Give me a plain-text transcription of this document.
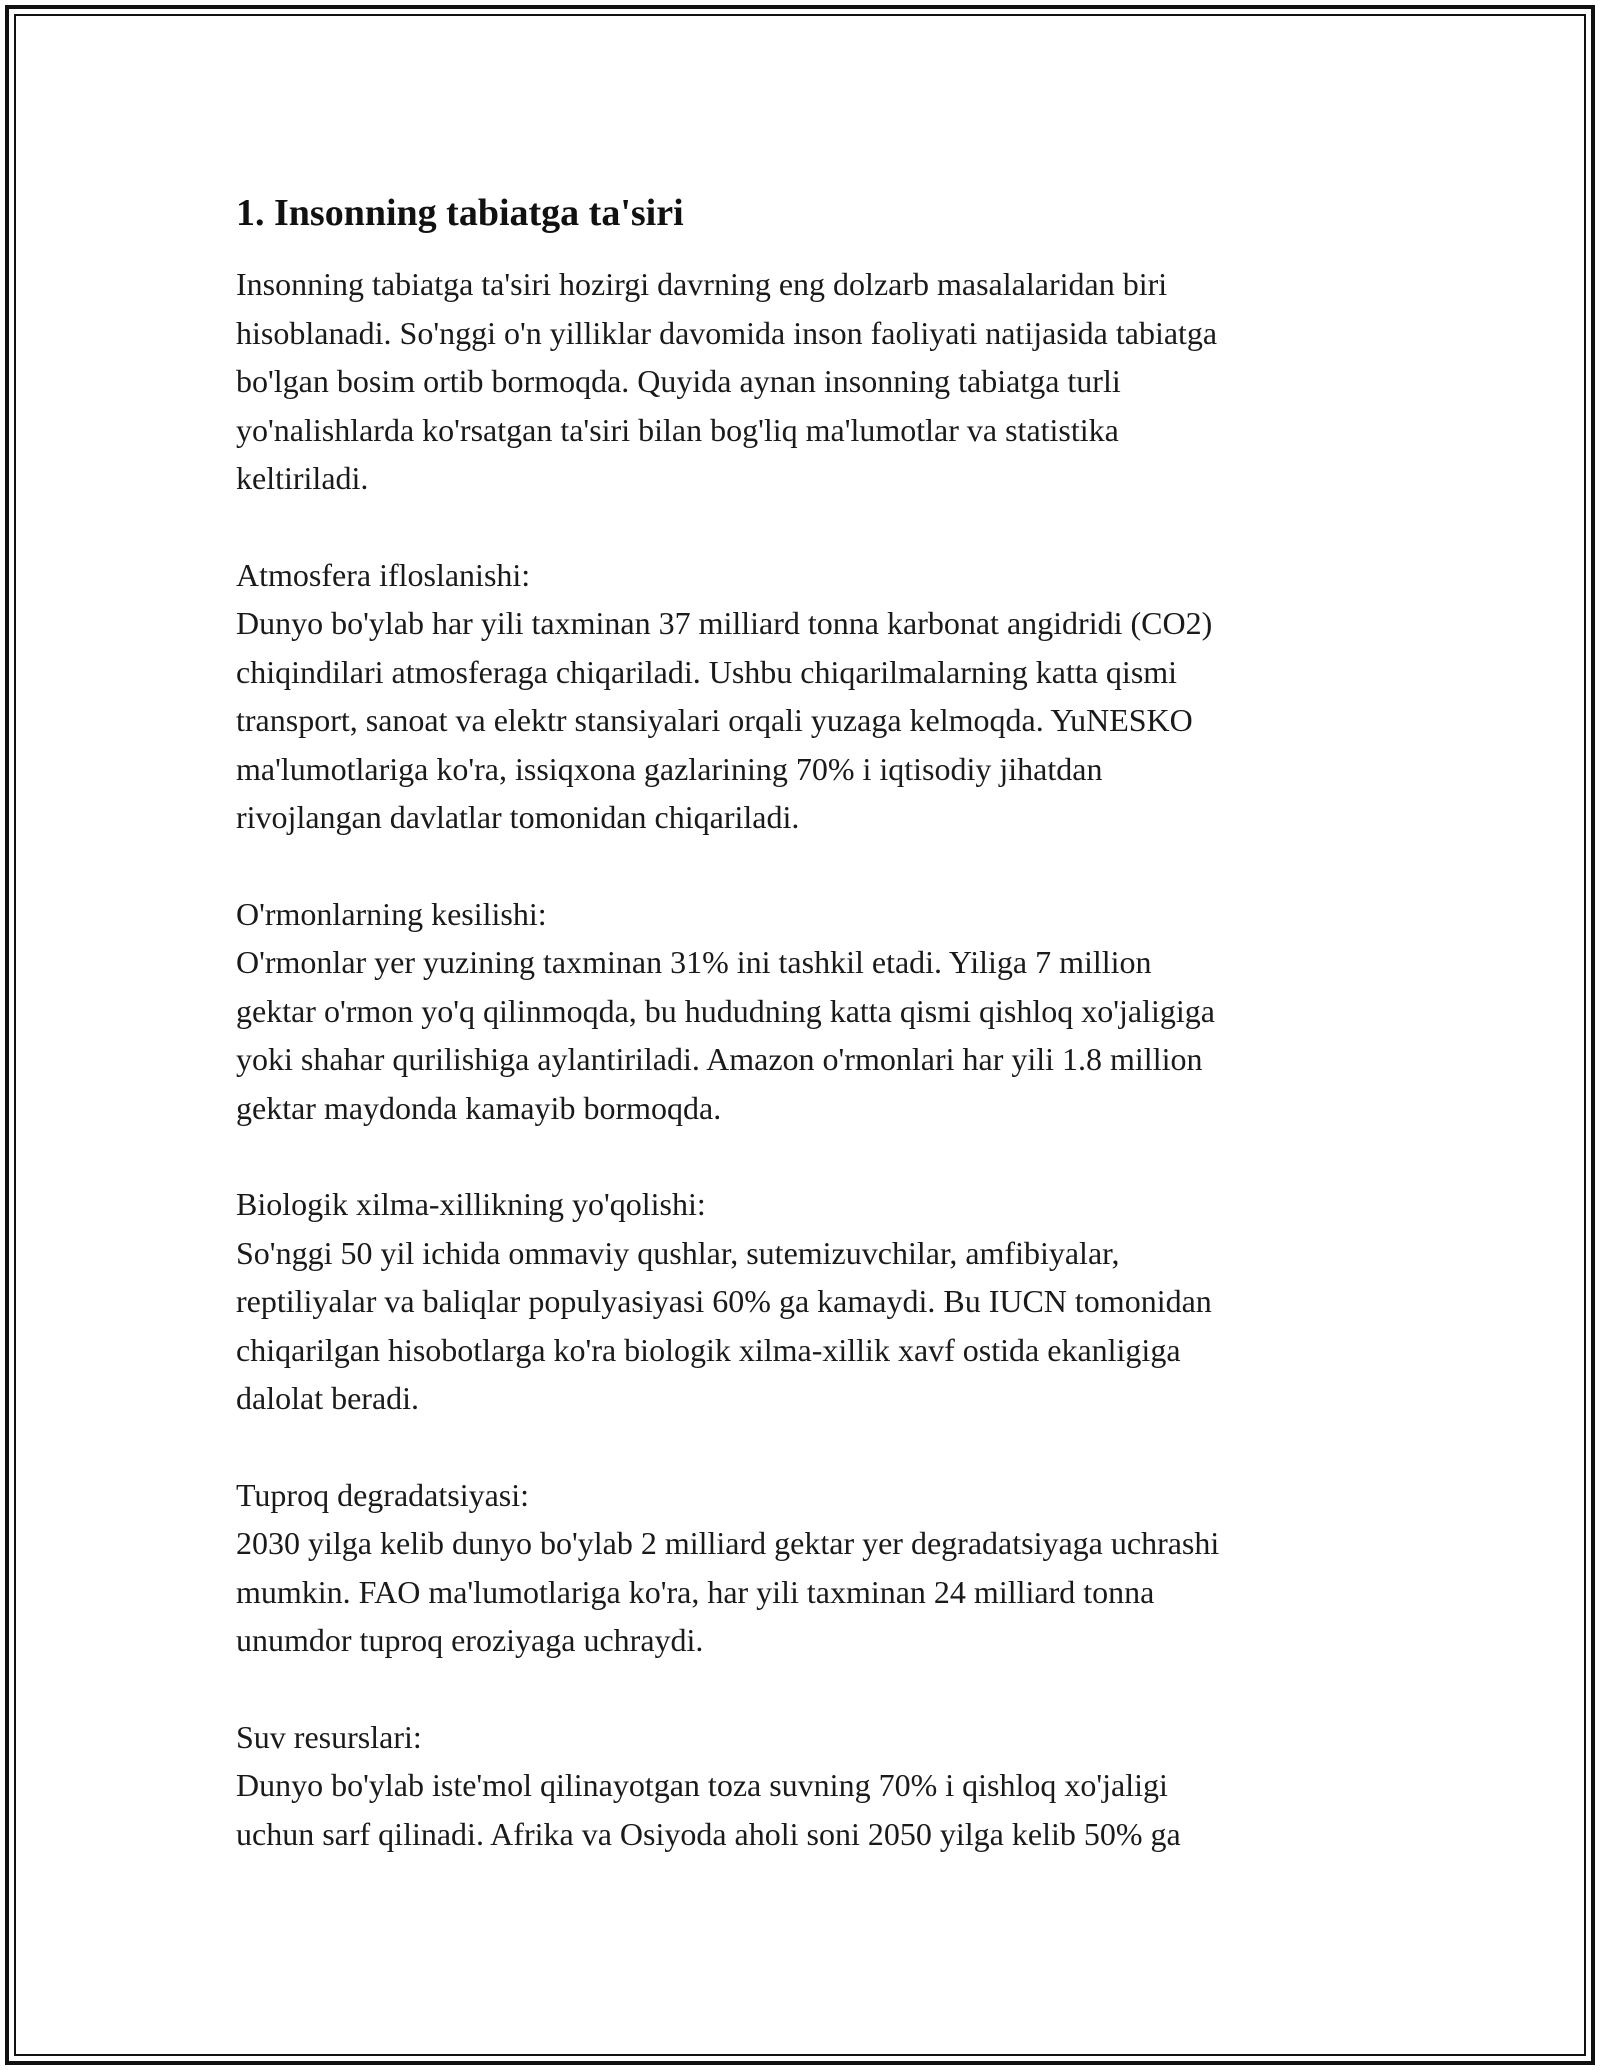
1. Insonning tabiatga ta'siri

Insonning tabiatga ta'siri hozirgi davrning eng dolzarb masalalaridan biri
hisoblanadi. So'nggi o'n yilliklar davomida inson faoliyati natijasida tabiatga
bo'lgan bosim ortib bormoqda. Quyida aynan insonning tabiatga turli
yo'nalishlarda ko'rsatgan ta'siri bilan bog'liq ma'lumotlar va statistika
keltiriladi.

Atmosfera ifloslanishi:

Dunyo bo'ylab har yili taxminan 37 milliard tonna karbonat angidridi (CO2)
chiqindilari atmosferaga chiqariladi. Ushbu chiqarilmalarning katta qismi
transport, sanoat va elektr stansiyalari orqali yuzaga kelmoqda. YuNESKO
ma'lumotlariga ko'ra, issiqxona gazlarining 70% i iqtisodiy jihatdan
rivojlangan davlatlar tomonidan chiqariladi.

O'rmonlarning kesilishi:

O'rmonlar yer yuzining taxminan 31% ini tashkil etadi. Yiliga 7 million
gektar o'rmon yo'q qilinmoqda, bu hududning katta qismi qishloq xo'jaligiga
yoki shahar qurilishiga aylantiriladi. Amazon o'rmonlari har yili 1.8 million
gektar maydonda kamayib bormoqda.

Biologik xilma-xillikning yo'qolishi:

So'nggi 50 yil ichida ommaviy qushlar, sutemizuvchilar, amfibiyalar,
reptiliyalar va baliqlar populyasiyasi 60% ga kamaydi. Bu IUCN tomonidan
chiqarilgan hisobotlarga ko'ra biologik xilma-xillik xavf ostida ekanligiga
dalolat beradi.

Tuproq degradatsiyasi:

2030 yilga kelib dunyo bo'ylab 2 milliard gektar yer degradatsiyaga uchrashi
mumkin. FAO ma'lumotlariga ko'ra, har yili taxminan 24 milliard tonna
unumdor tuproq eroziyaga uchraydi.

Suv resurslari:

Dunyo bo'ylab iste'mol qilinayotgan toza suvning 70% i qishloq xo'jaligi
uchun sarf qilinadi. Afrika va Osiyoda aholi soni 2050 yilga kelib 50% ga
